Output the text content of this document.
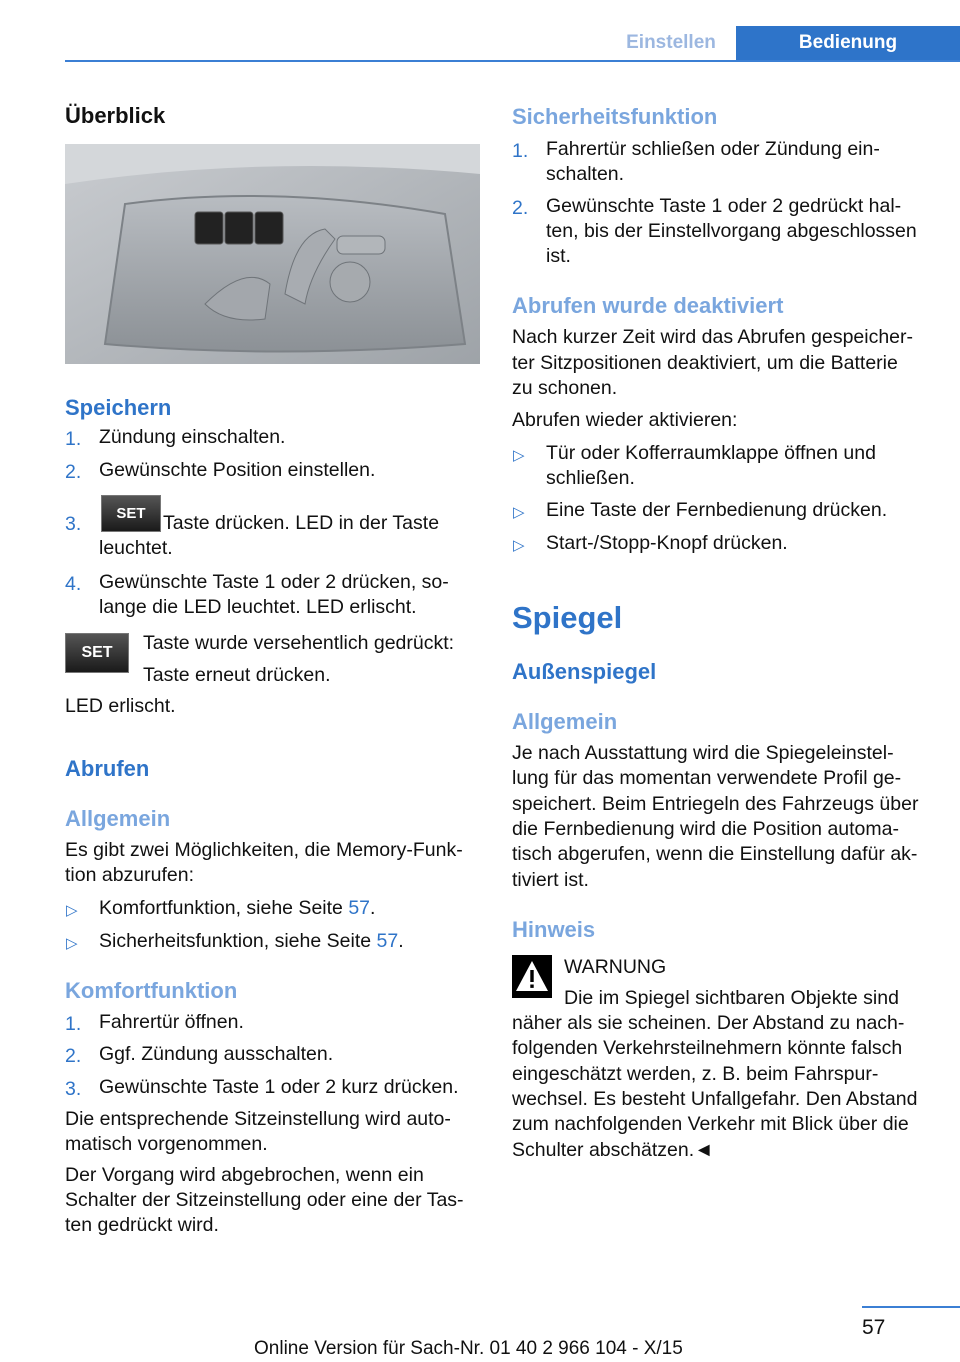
Einstellen	Bedienung
Überblick
Speichern
1. Zündung einschalten.
2. Gewünschte Position einstellen.
3.	SET Taste drücken. LED in der Taste
leuchtet.
4. Gewünschte Taste 1 oder 2 drücken, so-
lange die LED leuchtet. LED erlischt.
SET	Taste wurde versehentlich gedrückt:
Taste erneut drücken.
LED erlischt.
Abrufen
Allgemein
Es gibt zwei Möglichkeiten, die Memory-Funk-
tion abzurufen:
▷ Komfortfunktion, siehe Seite 57.
▷ Sicherheitsfunktion, siehe Seite 57.
Komfortfunktion
1. Fahrertür öffnen.
2. Ggf. Zündung ausschalten.
3. Gewünschte Taste 1 oder 2 kurz drücken.
Die entsprechende Sitzeinstellung wird auto-
matisch vorgenommen.
Der Vorgang wird abgebrochen, wenn ein
Schalter der Sitzeinstellung oder eine der Tas-
ten gedrückt wird.
Sicherheitsfunktion
1. Fahrertür schließen oder Zündung ein-
schalten.
2. Gewünschte Taste 1 oder 2 gedrückt hal-
ten, bis der Einstellvorgang abgeschlossen
ist.
Abrufen wurde deaktiviert
Nach kurzer Zeit wird das Abrufen gespeicher-
ter Sitzpositionen deaktiviert, um die Batterie
zu schonen.
Abrufen wieder aktivieren:
▷ Tür oder Kofferraumklappe öffnen und
schließen.
▷ Eine Taste der Fernbedienung drücken.
▷ Start-/Stopp-Knopf drücken.
Spiegel
Außenspiegel
Allgemein
Je nach Ausstattung wird die Spiegeleinstel-
lung für das momentan verwendete Profil ge-
speichert. Beim Entriegeln des Fahrzeugs über
die Fernbedienung wird die Position automa-
tisch abgerufen, wenn die Einstellung dafür ak-
tiviert ist.
Hinweis
WARNUNG
Die im Spiegel sichtbaren Objekte sind
näher als sie scheinen. Der Abstand zu nach-
folgenden Verkehrsteilnehmern könnte falsch
eingeschätzt werden, z. B. beim Fahrspur-
wechsel. Es besteht Unfallgefahr. Den Abstand
zum nachfolgenden Verkehr mit Blick über die
Schulter abschätzen.◄
57
Online Version für Sach-Nr. 01 40 2 966 104 - X/15
